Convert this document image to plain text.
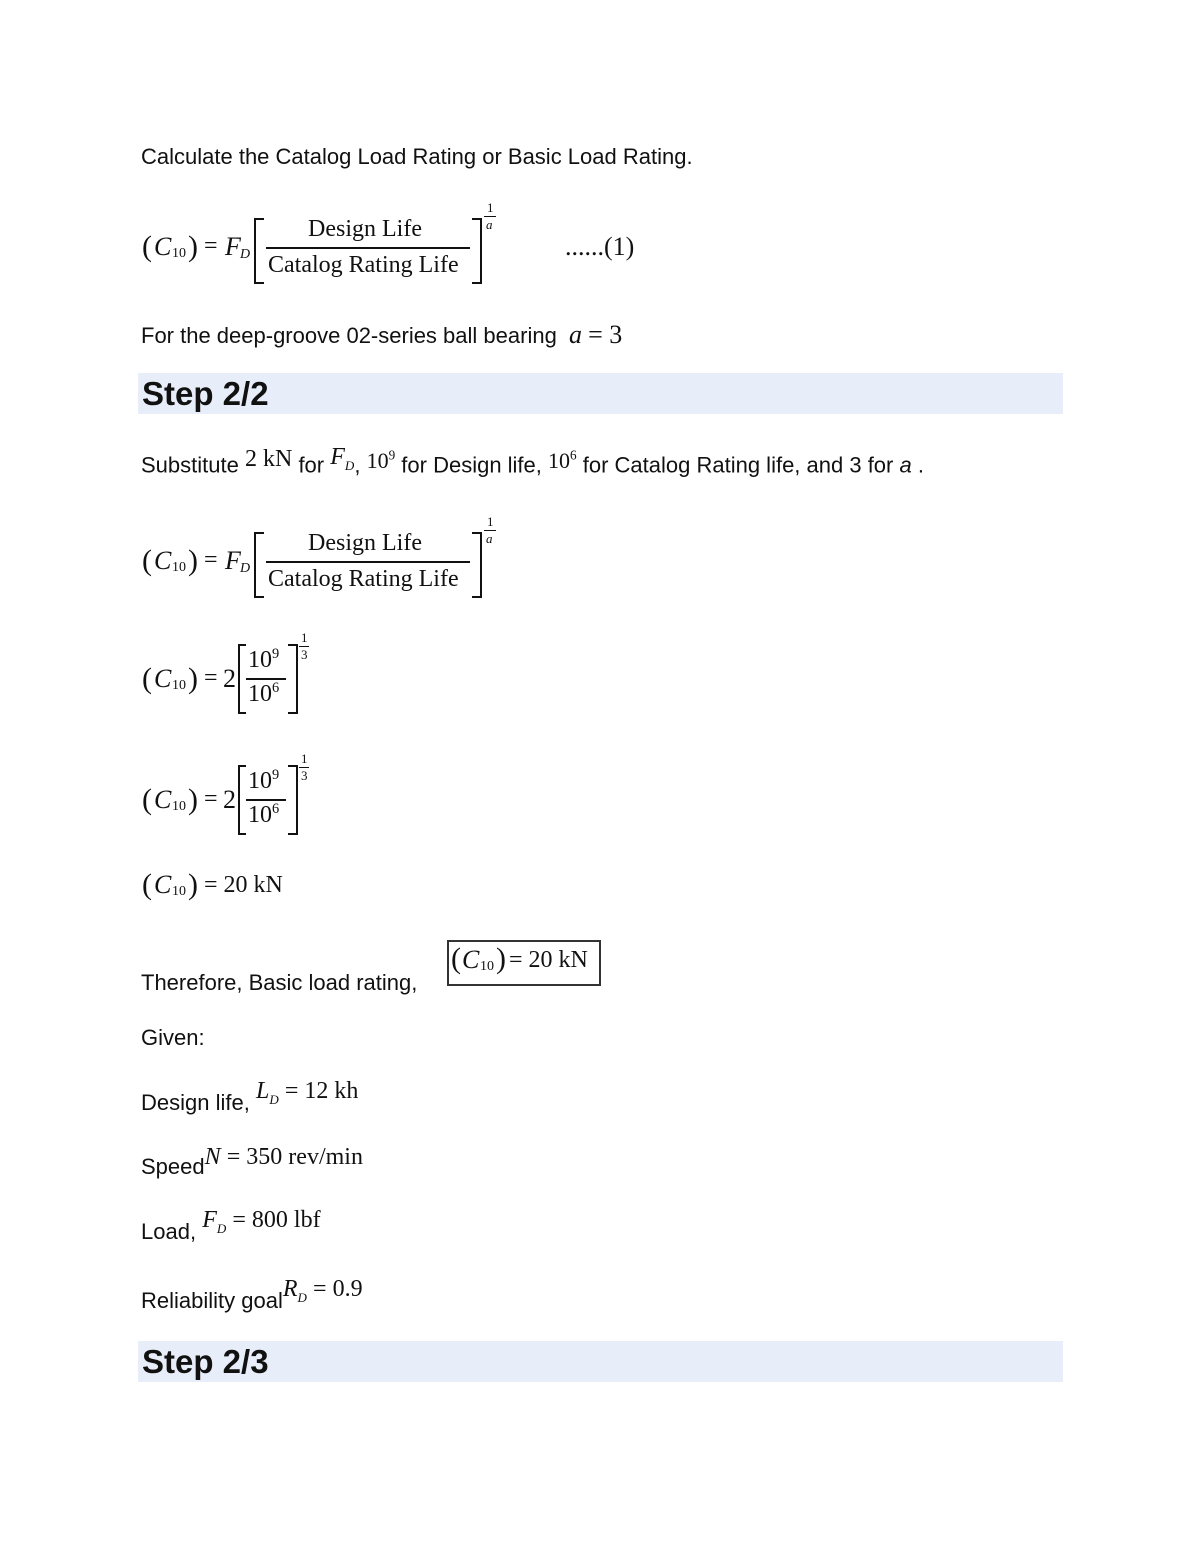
Calculate the Catalog Load Rating or Basic Load Rating.
( C 10 ) = F D
Design Life
Catalog Rating Life
1
a
......(1)
For the deep-groove 02-series ball bearing a = 3
Step 2/2
Substitute 2 kN for FD, $10^9$ for Design life, $10^6$ for Catalog Rating life, and 3 for a .
( C 10 ) = F D
Design Life
Catalog Rating Life
1
a
( C 10 ) = 2
$10^9$
$10^6$
1
3
( C 10 ) = 2
$10^9$
$10^6$
1
3
( C 10 ) = 20 kN
Therefore, Basic load rating,
( C 10 ) = 20 kN
Given:
Design life, $L_D = 12$ kh
SpeedN = 350 rev/min
Load, $F_D = 800$ lbf
Reliability goalR$_D$ = 0.9
Step 2/3
